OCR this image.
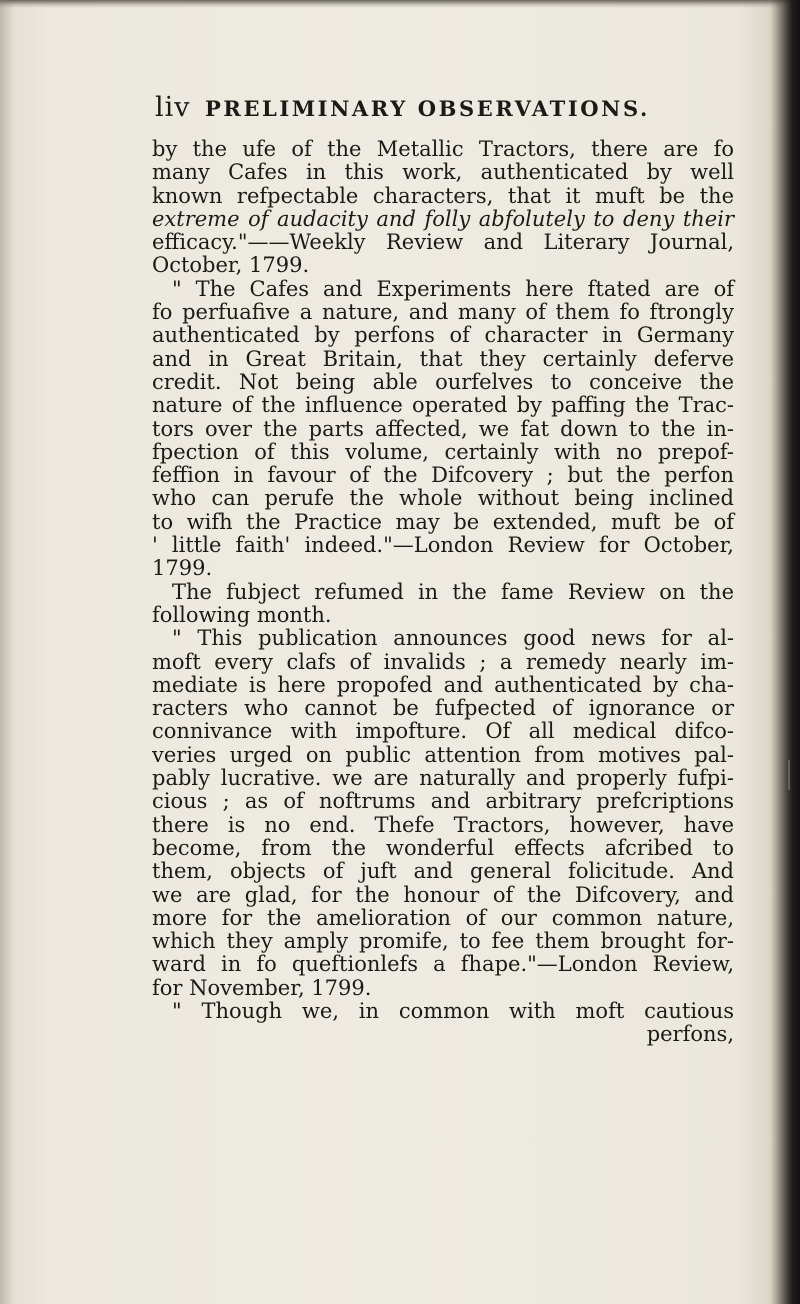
liv PRELIMINARY OBSERVATIONS.
by the ufe of the Metallic Tractors, there are fo
many Cafes in this work, authenticated by well
known refpectable characters, that it muft be the
extreme of audacity and folly abfolutely to deny their
efficacy."——Weekly Review and Literary Journal,
October, 1799.
" The Cafes and Experiments here ftated are of
fo perfuafive a nature, and many of them fo ftrongly
authenticated by perfons of character in Germany
and in Great Britain, that they certainly deferve
credit. Not being able ourfelves to conceive the
nature of the influence operated by paffing the Trac-
tors over the parts affected, we fat down to the in-
fpection of this volume, certainly with no prepof-
feffion in favour of the Difcovery ; but the perfon
who can perufe the whole without being inclined
to wifh the Practice may be extended, muft be of
' little faith' indeed."—London Review for October,
1799.
The fubject refumed in the fame Review on the
following month.
" This publication announces good news for al-
moft every clafs of invalids ; a remedy nearly im-
mediate is here propofed and authenticated by cha-
racters who cannot be fufpected of ignorance or
connivance with impofture. Of all medical difco-
veries urged on public attention from motives pal-
pably lucrative. we are naturally and properly fufpi-
cious ; as of noftrums and arbitrary prefcriptions
there is no end. Thefe Tractors, however, have
become, from the wonderful effects afcribed to
them, objects of juft and general folicitude. And
we are glad, for the honour of the Difcovery, and
more for the amelioration of our common nature,
which they amply promife, to fee them brought for-
ward in fo queftionlefs a fhape."—London Review,
for November, 1799.
" Though we, in common with moft cautious
perfons,
